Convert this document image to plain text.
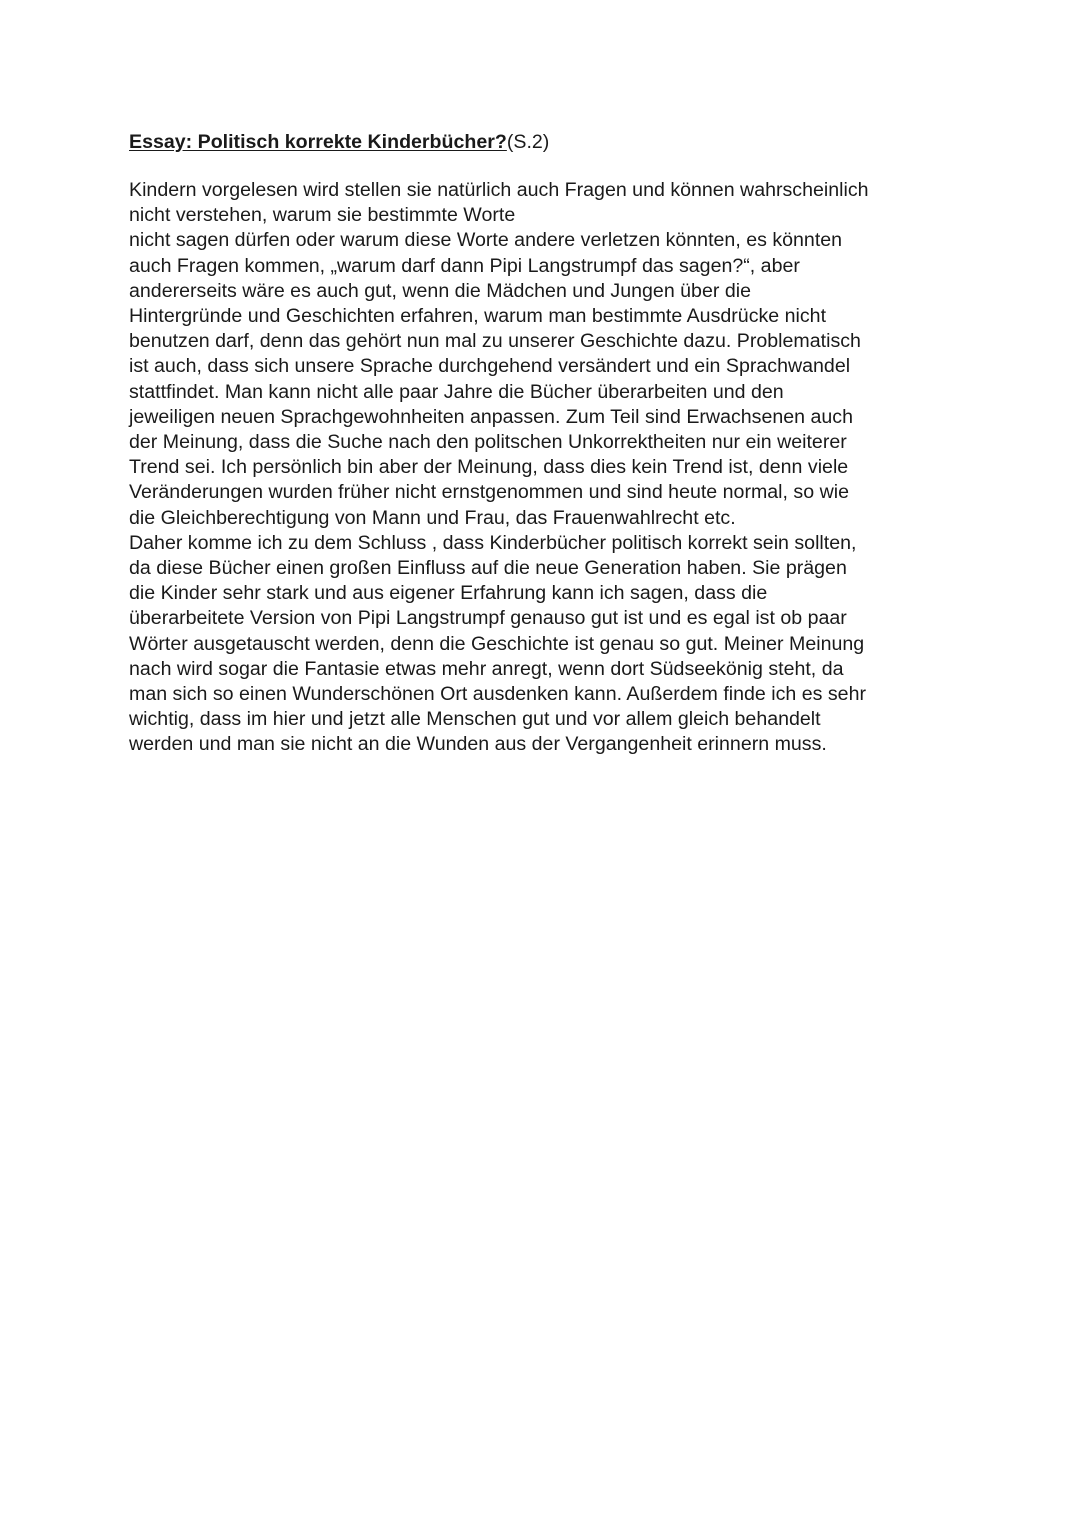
Essay: Politisch korrekte Kinderbücher?(S.2)

Kindern vorgelesen wird stellen sie natürlich auch Fragen und können wahrscheinlich
nicht verstehen, warum sie bestimmte Worte
nicht sagen dürfen oder warum diese Worte andere verletzen könnten, es könnten
auch Fragen kommen, „warum darf dann Pipi Langstrumpf das sagen?“, aber
andererseits wäre es auch gut, wenn die Mädchen und Jungen über die
Hintergründe und Geschichten erfahren, warum man bestimmte Ausdrücke nicht
benutzen darf, denn das gehört nun mal zu unserer Geschichte dazu. Problematisch
ist auch, dass sich unsere Sprache durchgehend versändert und ein Sprachwandel
stattfindet. Man kann nicht alle paar Jahre die Bücher überarbeiten und den
jeweiligen neuen Sprachgewohnheiten anpassen. Zum Teil sind Erwachsenen auch
der Meinung, dass die Suche nach den politschen Unkorrektheiten nur ein weiterer
Trend sei. Ich persönlich bin aber der Meinung, dass dies kein Trend ist, denn viele
Veränderungen wurden früher nicht ernstgenommen und sind heute normal, so wie
die Gleichberechtigung von Mann und Frau, das Frauenwahlrecht etc.
Daher komme ich zu dem Schluss , dass Kinderbücher politisch korrekt sein sollten,
da diese Bücher einen großen Einfluss auf die neue Generation haben. Sie prägen
die Kinder sehr stark und aus eigener Erfahrung kann ich sagen, dass die
überarbeitete Version von Pipi Langstrumpf genauso gut ist und es egal ist ob paar
Wörter ausgetauscht werden, denn die Geschichte ist genau so gut. Meiner Meinung
nach wird sogar die Fantasie etwas mehr anregt, wenn dort Südseekönig steht, da
man sich so einen Wunderschönen Ort ausdenken kann. Außerdem finde ich es sehr
wichtig, dass im hier und jetzt alle Menschen gut und vor allem gleich behandelt
werden und man sie nicht an die Wunden aus der Vergangenheit erinnern muss.
